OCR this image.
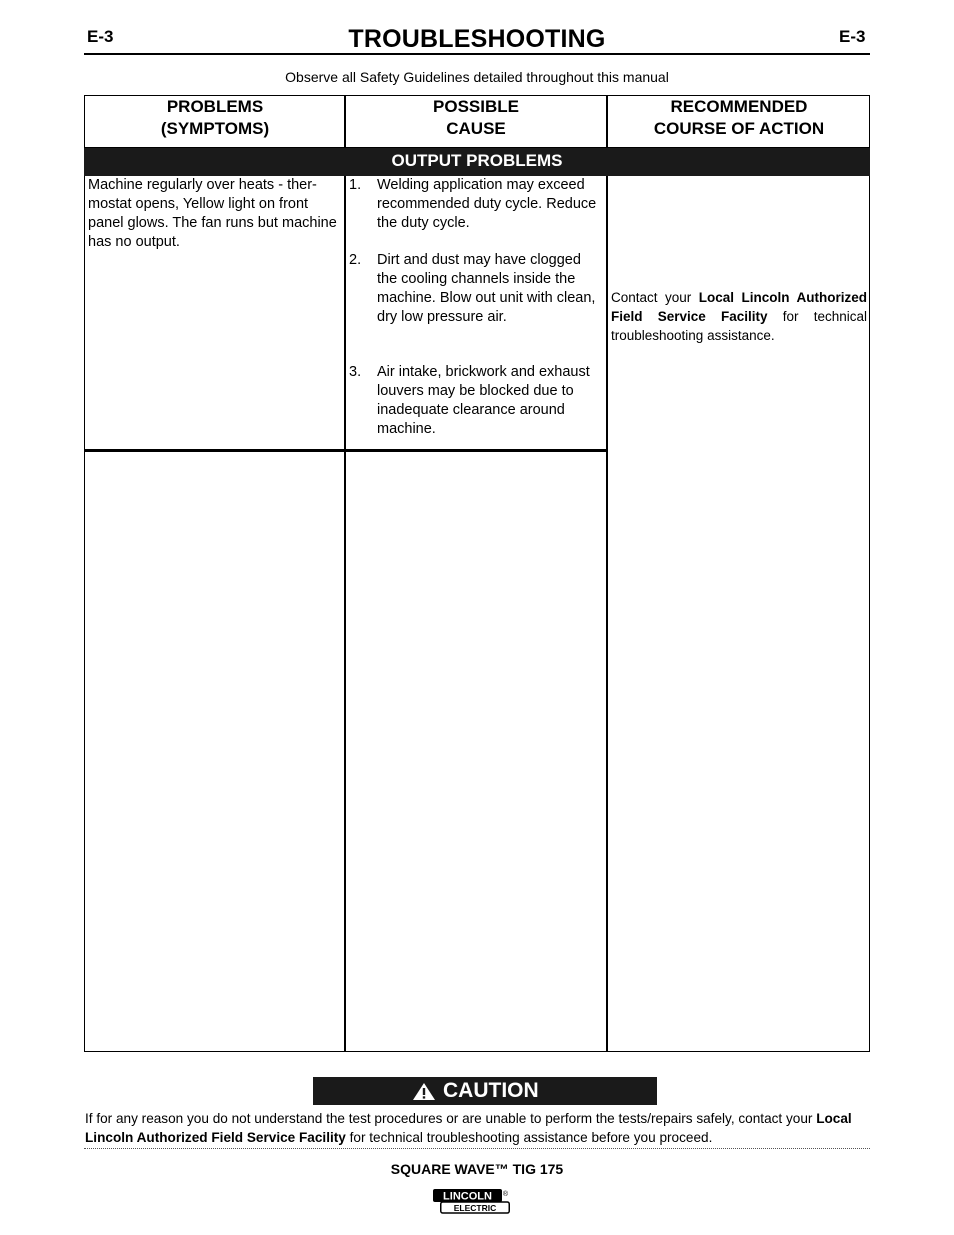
E-3	TROUBLESHOOTING	E-3
Observe all Safety Guidelines detailed throughout this manual
PROBLEMS
(SYMPTOMS)
POSSIBLE
CAUSE
RECOMMENDED
COURSE OF ACTION
OUTPUT PROBLEMS
Machine regularly over heats - ther-mostat opens, Yellow light on front panel glows. The fan runs but machine has no output.
1. Welding application may exceed recommended duty cycle. Reduce the duty cycle.
2. Dirt and dust may have clogged the cooling channels inside the machine. Blow out unit with clean, dry low pressure air.
3. Air intake, brickwork and exhaust louvers may be blocked due to inadequate clearance around machine.
Contact your Local Lincoln Authorized Field Service Facility for technical troubleshooting assistance.
CAUTION
If for any reason you do not understand the test procedures or are unable to perform the tests/repairs safely, contact your Local Lincoln Authorized Field Service Facility for technical troubleshooting assistance before you proceed.
SQUARE WAVE™ TIG 175
LINCOLN ®
ELECTRIC
